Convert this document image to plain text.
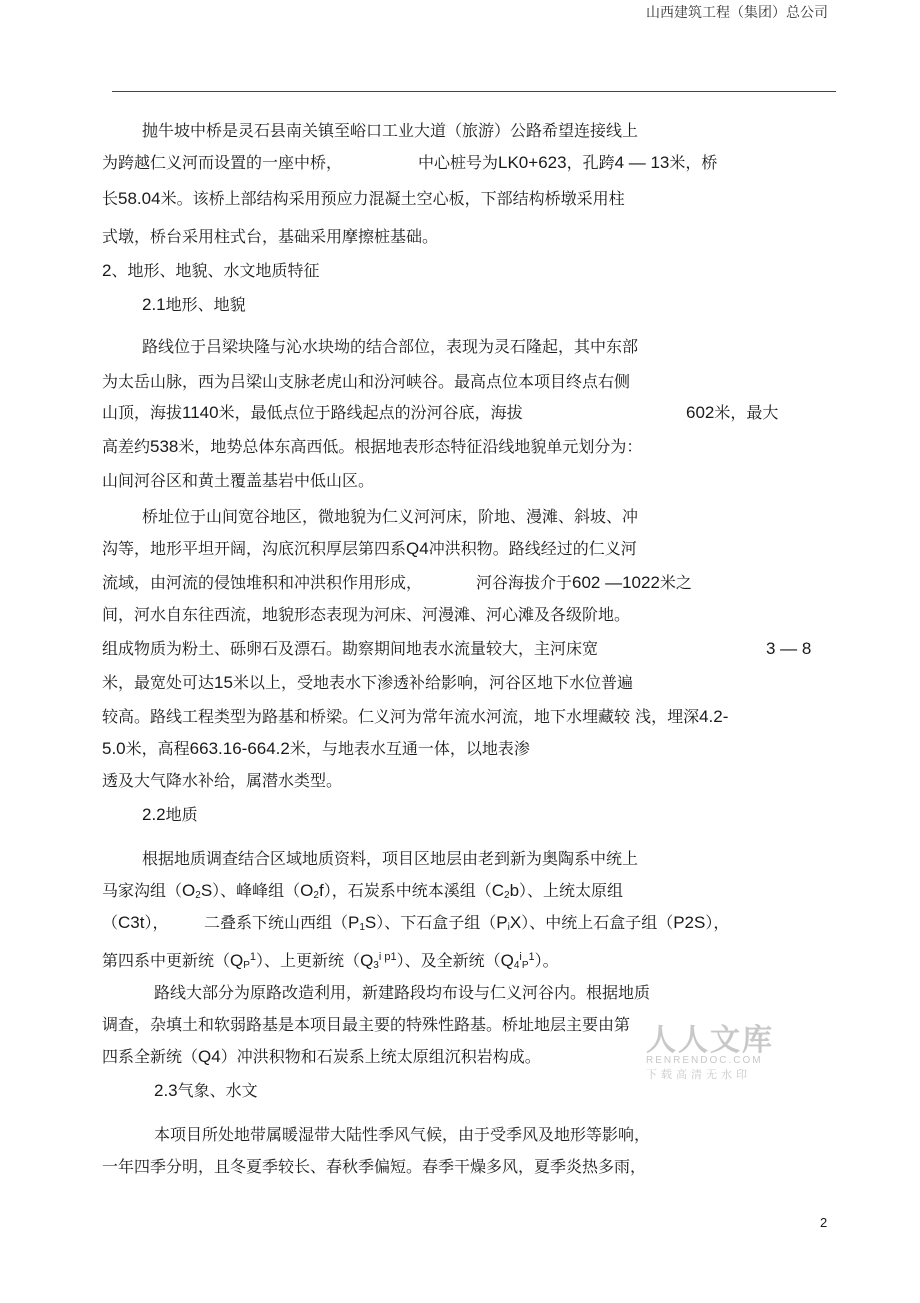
山西建筑工程（集团）总公司
抛牛坡中桥是灵石县南关镇至峪口工业大道（旅游）公路希望连接线上
为跨越仁义河而设置的一座中桥，	中心桩号为LK0+623，孔跨4 — 13米，桥
长58.04米。该桥上部结构采用预应力混凝土空心板，下部结构桥墩采用柱
式墩，桥台采用柱式台，基础采用摩擦桩基础。
2、地形、地貌、水文地质特征
2.1地形、地貌
路线位于吕梁块隆与沁水块坳的结合部位，表现为灵石隆起，其中东部
为太岳山脉，西为吕梁山支脉老虎山和汾河峡谷。最高点位本项目终点右侧
山顶，海拔1140米，最低点位于路线起点的汾河谷底，海拔	602米，最大
高差约538米，地势总体东高西低。根据地表形态特征沿线地貌单元划分为：
山间河谷区和黄土覆盖基岩中低山区。
桥址位于山间宽谷地区，微地貌为仁义河河床，阶地、漫滩、斜坡、冲
沟等，地形平坦开阔，沟底沉积厚层第四系Q4冲洪积物。路线经过的仁义河
流域，由河流的侵蚀堆积和冲洪积作用形成，	河谷海拔介于602 —1022米之
间，河水自东往西流，地貌形态表现为河床、河漫滩、河心滩及各级阶地。
组成物质为粉土、砾卵石及漂石。勘察期间地表水流量较大，主河床宽	3 — 8
米，最宽处可达15米以上，受地表水下渗透补给影响，河谷区地下水位普遍
较高。路线工程类型为路基和桥梁。仁义河为常年流水河流，地下水埋藏较 浅，埋深4.2-
5.0米，高程663.16-664.2米，与地表水互通一体，以地表渗
透及大气降水补给，属潜水类型。
2.2地质
根据地质调查结合区域地质资料，项目区地层由老到新为奥陶系中统上
马家沟组$(O_2S)$、峰峰组$(O_2f)$，石炭系中统本溪组$(C_2b)$、上统太原组
（C3t）， 二叠系下统山西组$(P_1S)$、下石盒子组$(P_iX)$、中统上石盒子组（P2S），
第四系中更新统$(Q_P^1)$、上更新统$(Q_3^{i p1})$、及全新统$(Q_4^i_P^1)$。
路线大部分为原路改造利用，新建路段均布设与仁义河谷内。根据地质
调查，杂填土和软弱路基是本项目最主要的特殊性路基。桥址地层主要由第
四系全新统（Q4）冲洪积物和石炭系上统太原组沉积岩构成。
2.3气象、水文
本项目所处地带属暖湿带大陆性季风气候，由于受季风及地形等影响，
一年四季分明，且冬夏季较长、春秋季偏短。春季干燥多风，夏季炎热多雨，
人人文库
RENRENDOC.COM
下载高清无水印
2
